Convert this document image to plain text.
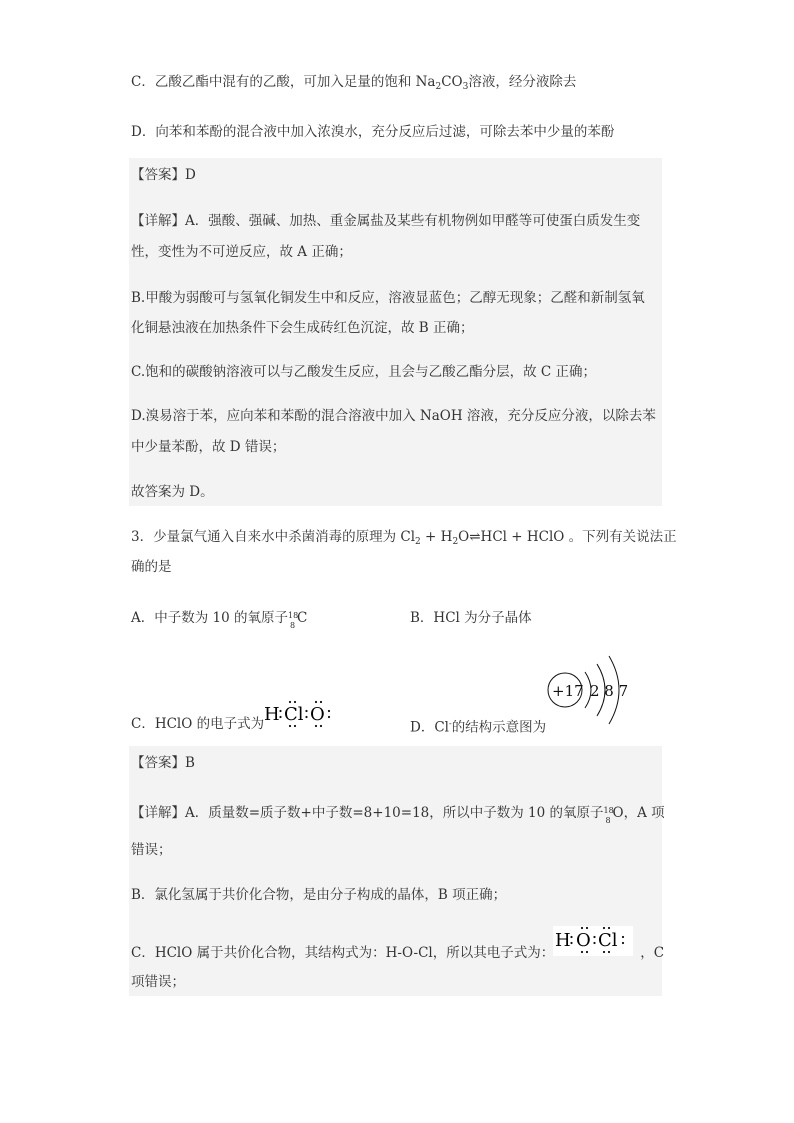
C．乙酸乙酯中混有的乙酸，可加入足量的饱和 $Na_2CO_3$溶液，经分液除去
D．向苯和苯酚的混合液中加入浓溴水，充分反应后过滤，可除去苯中少量的苯酚
【答案】D
【详解】A．强酸、强碱、加热、重金属盐及某些有机物例如甲醛等可使蛋白质发生变
性，变性为不可逆反应，故 A 正确；
B.甲酸为弱酸可与氢氧化铜发生中和反应，溶液显蓝色；乙醇无现象；乙醛和新制氢氧
化铜悬浊液在加热条件下会生成砖红色沉淀，故 B 正确；
C.饱和的碳酸钠溶液可以与乙酸发生反应，且会与乙酸乙酯分层，故 C 正确；
D.溴易溶于苯，应向苯和苯酚的混合溶液中加入 NaOH 溶液，充分反应分液，以除去苯
中少量苯酚，故 D 错误；
故答案为 D。
3．少量氯气通入自来水中杀菌消毒的原理为 $Cl_2$ + $H_2O\rightleftharpoons HCl$ + HClO 。下列有关说法正
确的是
A．中子数为 10 的氧原子 18
8 C	B．HCl 为分子晶体
C．HClO 的电子式为 H Cl O
D．Cl-的结构示意图为
+17 2 8 7
【答案】B
【详解】A．质量数=质子数+中子数=8+10=18，所以中子数为 10 的氧原子 18
8 O，A 项
错误；
B．氯化氢属于共价化合物，是由分子构成的晶体，B 项正确；
C．HClO 属于共价化合物，其结构式为：H-O-Cl，所以其电子式为：	，C
H O Cl
项错误；
